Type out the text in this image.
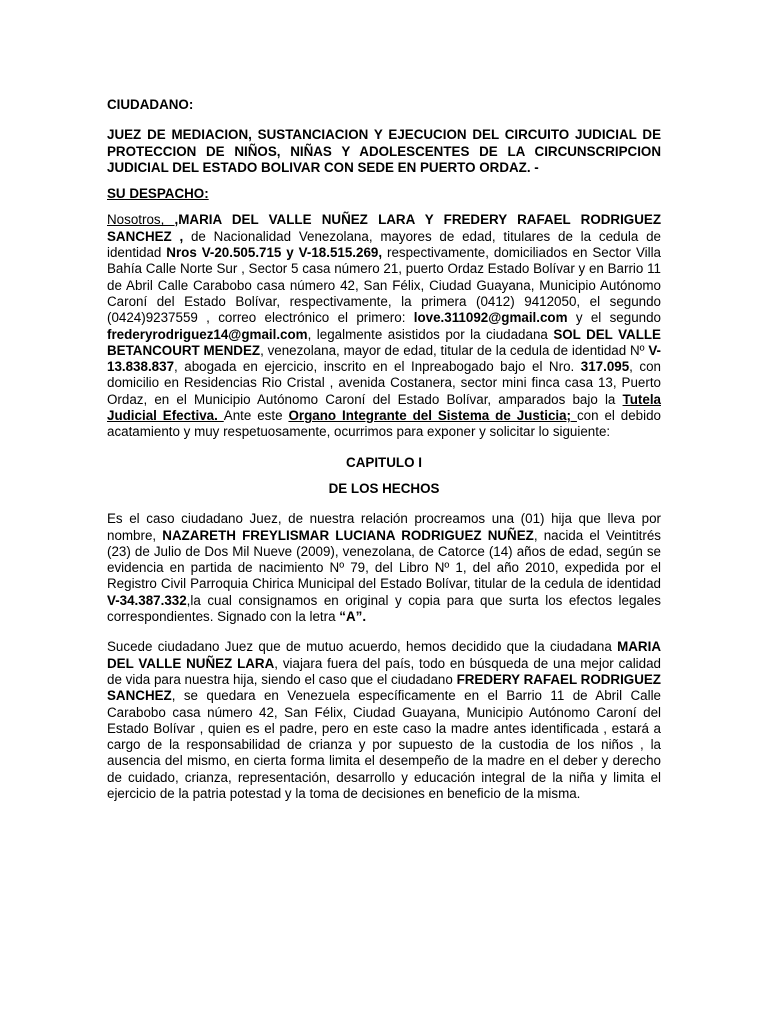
CIUDADANO:

JUEZ DE MEDIACION, SUSTANCIACION Y EJECUCION DEL CIRCUITO JUDICIAL DE PROTECCION DE NIÑOS, NIÑAS Y ADOLESCENTES DE LA CIRCUNSCRIPCION JUDICIAL DEL ESTADO BOLIVAR CON SEDE EN PUERTO ORDAZ. -

SU DESPACHO:

Nosotros, ,MARIA DEL VALLE NUÑEZ LARA Y FREDERY RAFAEL RODRIGUEZ SANCHEZ , de Nacionalidad Venezolana, mayores de edad, titulares de la cedula de identidad Nros V-20.505.715 y V-18.515.269, respectivamente, domiciliados en Sector Villa Bahía Calle Norte Sur , Sector 5 casa número 21, puerto Ordaz Estado Bolívar y en Barrio 11 de Abril Calle Carabobo casa número 42, San Félix, Ciudad Guayana, Municipio Autónomo Caroní del Estado Bolívar, respectivamente, la primera (0412) 9412050, el segundo (0424)9237559 , correo electrónico el primero: love.311092@gmail.com y el segundo frederyrodriguez14@gmail.com, legalmente asistidos por la ciudadana SOL DEL VALLE BETANCOURT MENDEZ, venezolana, mayor de edad, titular de la cedula de identidad Nº V-13.838.837, abogada en ejercicio, inscrito en el Inpreabogado bajo el Nro. 317.095, con domicilio en Residencias Rio Cristal , avenida Costanera, sector mini finca casa 13, Puerto Ordaz, en el Municipio Autónomo Caroní del Estado Bolívar, amparados bajo la Tutela Judicial Efectiva. Ante este Organo Integrante del Sistema de Justicia; con el debido acatamiento y muy respetuosamente, ocurrimos para exponer y solicitar lo siguiente:

CAPITULO I

DE LOS HECHOS

Es el caso ciudadano Juez, de nuestra relación procreamos una (01) hija que lleva por nombre, NAZARETH FREYLISMAR LUCIANA RODRIGUEZ NUÑEZ, nacida el Veintitrés (23) de Julio de Dos Mil Nueve (2009), venezolana, de Catorce (14) años de edad, según se evidencia en partida de nacimiento Nº 79, del Libro Nº 1, del año 2010, expedida por el Registro Civil Parroquia Chirica Municipal del Estado Bolívar, titular de la cedula de identidad V-34.387.332,la cual consignamos en original y copia para que surta los efectos legales correspondientes. Signado con la letra “A”.

Sucede ciudadano Juez que de mutuo acuerdo, hemos decidido que la ciudadana MARIA DEL VALLE NUÑEZ LARA, viajara fuera del país, todo en búsqueda de una mejor calidad de vida para nuestra hija, siendo el caso que el ciudadano FREDERY RAFAEL RODRIGUEZ SANCHEZ, se quedara en Venezuela específicamente en el Barrio 11 de Abril Calle Carabobo casa número 42, San Félix, Ciudad Guayana, Municipio Autónomo Caroní del Estado Bolívar , quien es el padre, pero en este caso la madre antes identificada , estará a cargo de la responsabilidad de crianza y por supuesto de la custodia de los niños , la ausencia del mismo, en cierta forma limita el desempeño de la madre en el deber y derecho de cuidado, crianza, representación, desarrollo y educación integral de la niña y limita el ejercicio de la patria potestad y la toma de decisiones en beneficio de la misma.
